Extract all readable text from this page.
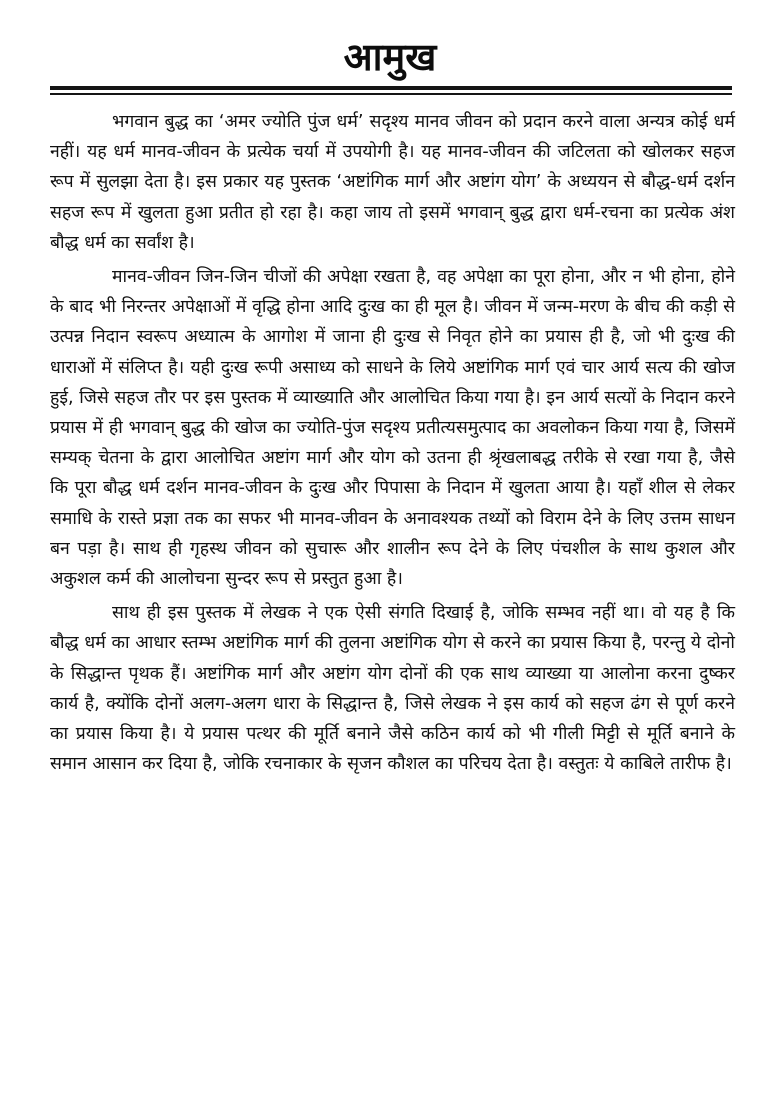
आमुख

भगवान बुद्ध का ‘अमर ज्योति पुंज धर्म’ सदृश्य मानव जीवन को प्रदान करने वाला अन्यत्र कोई धर्म नहीं। यह धर्म मानव-जीवन के प्रत्येक चर्या में उपयोगी है। यह मानव-जीवन की जटिलता को खोलकर सहज रूप में सुलझा देता है। इस प्रकार यह पुस्तक ‘अष्टांगिक मार्ग और अष्टांग योग’ के अध्ययन से बौद्ध-धर्म दर्शन सहज रूप में खुलता हुआ प्रतीत हो रहा है। कहा जाय तो इसमें भगवान् बुद्ध द्वारा धर्म-रचना का प्रत्येक अंश बौद्ध धर्म का सर्वांश है।

मानव-जीवन जिन-जिन चीजों की अपेक्षा रखता है, वह अपेक्षा का पूरा होना, और न भी होना, होने के बाद भी निरन्तर अपेक्षाओं में वृद्धि होना आदि दुःख का ही मूल है। जीवन में जन्म-मरण के बीच की कड़ी से उत्पन्न निदान स्वरूप अध्यात्म के आगोश में जाना ही दुःख से निवृत होने का प्रयास ही है, जो भी दुःख की धाराओं में संलिप्त है। यही दुःख रूपी असाध्य को साधने के लिये अष्टांगिक मार्ग एवं चार आर्य सत्य की खोज हुई, जिसे सहज तौर पर इस पुस्तक में व्याख्याति और आलोचित किया गया है। इन आर्य सत्यों के निदान करने प्रयास में ही भगवान् बुद्ध की खोज का ज्योति-पुंज सदृश्य प्रतीत्यसमुत्पाद का अवलोकन किया गया है, जिसमें सम्यक् चेतना के द्वारा आलोचित अष्टांग मार्ग और योग को उतना ही श्रृंखलाबद्ध तरीके से रखा गया है, जैसे कि पूरा बौद्ध धर्म दर्शन मानव-जीवन के दुःख और पिपासा के निदान में खुलता आया है। यहाँ शील से लेकर समाधि के रास्ते प्रज्ञा तक का सफर भी मानव-जीवन के अनावश्यक तथ्यों को विराम देने के लिए उत्तम साधन बन पड़ा है। साथ ही गृहस्थ जीवन को सुचारू और शालीन रूप देने के लिए पंचशील के साथ कुशल और अकुशल कर्म की आलोचना सुन्दर रूप से प्रस्तुत हुआ है।

साथ ही इस पुस्तक में लेखक ने एक ऐसी संगति दिखाई है, जोकि सम्भव नहीं था। वो यह है कि बौद्ध धर्म का आधार स्तम्भ अष्टांगिक मार्ग की तुलना अष्टांगिक योग से करने का प्रयास किया है, परन्तु ये दोनो के सिद्धान्त पृथक हैं। अष्टांगिक मार्ग और अष्टांग योग दोनों की एक साथ व्याख्या या आलोना करना दुष्कर कार्य है, क्योंकि दोनों अलग-अलग धारा के सिद्धान्त है, जिसे लेखक ने इस कार्य को सहज ढंग से पूर्ण करने का प्रयास किया है। ये प्रयास पत्थर की मूर्ति बनाने जैसे कठिन कार्य को भी गीली मिट्टी से मूर्ति बनाने के समान आसान कर दिया है, जोकि रचनाकार के सृजन कौशल का परिचय देता है। वस्तुतः ये काबिले तारीफ है।
